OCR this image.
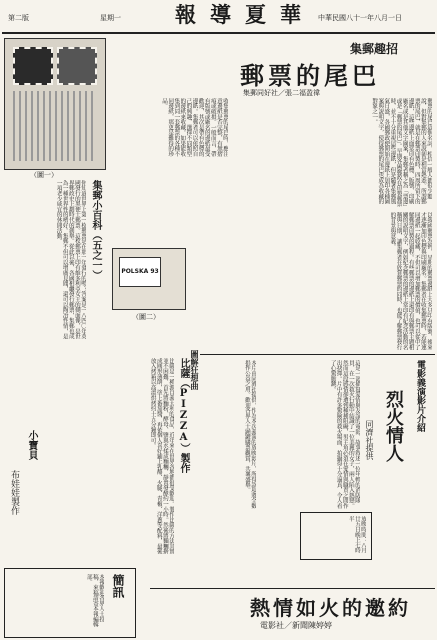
報導夏華 中華民國八十一年八月一日
星期一
第二版
集郵趣招
郵票的尾巴
集郵同好社／張二福盈禕
郵票的尾巴這個名詞，相信一般人都很少聽說，但對集郵的人來說卻是相當熟悉。所謂郵票的尾巴，就是在郵票印製時，四周所留下的邊紙，這些邊紙上面常印有色標、版號、印刷廠名或是其他文字圖案，集郵者稱之為「票邊」或是「郵票的尾巴」。早期各國郵政在印製郵票時，並不十分重視這些邊紙，但是隨著集郵風氣日盛，各國郵政便開始在邊紙上加印各種圖案與說明文字，使得郵票的尾巴也成為收藏的對象之一。
以我國郵票為例，早期的郵票邊紙上大多只印有版號，後來才逐漸加印色標與印刷廠名。集郵者在收集郵票時，若能連同邊紙一起收藏，不但可以增加郵票的價值，也可以從中了解郵票印製的過程。有些郵票的邊紙上還印有與郵票主題相關的說明文字，例如紀念郵票的邊紙上常印有紀念活動的名稱與日期，讓集郵者在欣賞郵票的同時，也能了解郵票發行的背景與意義。
收集郵票的尾巴時，應注意邊紙是否完整，有無摺痕或破損。一般而言，帶有版號或廠名的邊紙最受歡迎，其次是帶有色標的邊紙。集郵者可以依照自己的興趣，選擇不同類型的邊紙來收藏。如果能收集到同一套郵票的各種不同邊紙，那更是難得的珍品。
（圖一）
集郵小百科（五之一）
你知道世界上第一枚郵票是在那一年發行的嗎？答案是一八四〇年英國發行的黑便士郵票。這枚郵票上印有維多利亞女王的側面像，是世界郵政史上劃時代的創舉。從此以後，各國相繼發行郵票，集郵也成為一種世界性的嗜好。集郵不但可以增廣見聞，還可以陶冶性情，是一項老少咸宜的休閒活動。
POLSKA 93
（圖二）
電影義演影片介紹
烈火情人
同濟社提供
這是一部描寫愛情與友誼的電影，故事敘述一位年輕的消防隊員，在一次救火行動中結識了一位美麗的女子，兩人陷入熱戀。然而這段感情卻遭到種種阻礙，男主角必須在愛情與職責之間作出抉擇。片中有許多驚險的救火場面，拍攝得十分逼真，令人看了心驚膽跳。
本片由同濟社提供，作為本次義演的放映影片，所得款項將全數捐作公益之用。歡迎各界人士踴躍購票觀賞，共襄盛舉。
放映時間：八月廿五日晚上七時半
比薩（PIZZA）製作 圖解狂想曲
比薩是一種源自義大利的食品，近年來在世界各地都很受歡迎。製作比薩的方法其實並不困難，首先將麵粉、酵母、鹽與水揉成麵糰，靜置發酵約一小時。然後將麵糰擀成圓形薄餅，塗上番茄醬，再依個人喜好鋪上乳酪、火腿、青椒、洋蔥等配料，最後放入烤箱以高溫烘烤約十五分鐘即可。
小寶貝
布娃娃製作
簡訊
本報歡迎各界人士投稿，來稿請寄本報編輯部。
熱情如火的邀約
電影社／新聞陳婷婷
